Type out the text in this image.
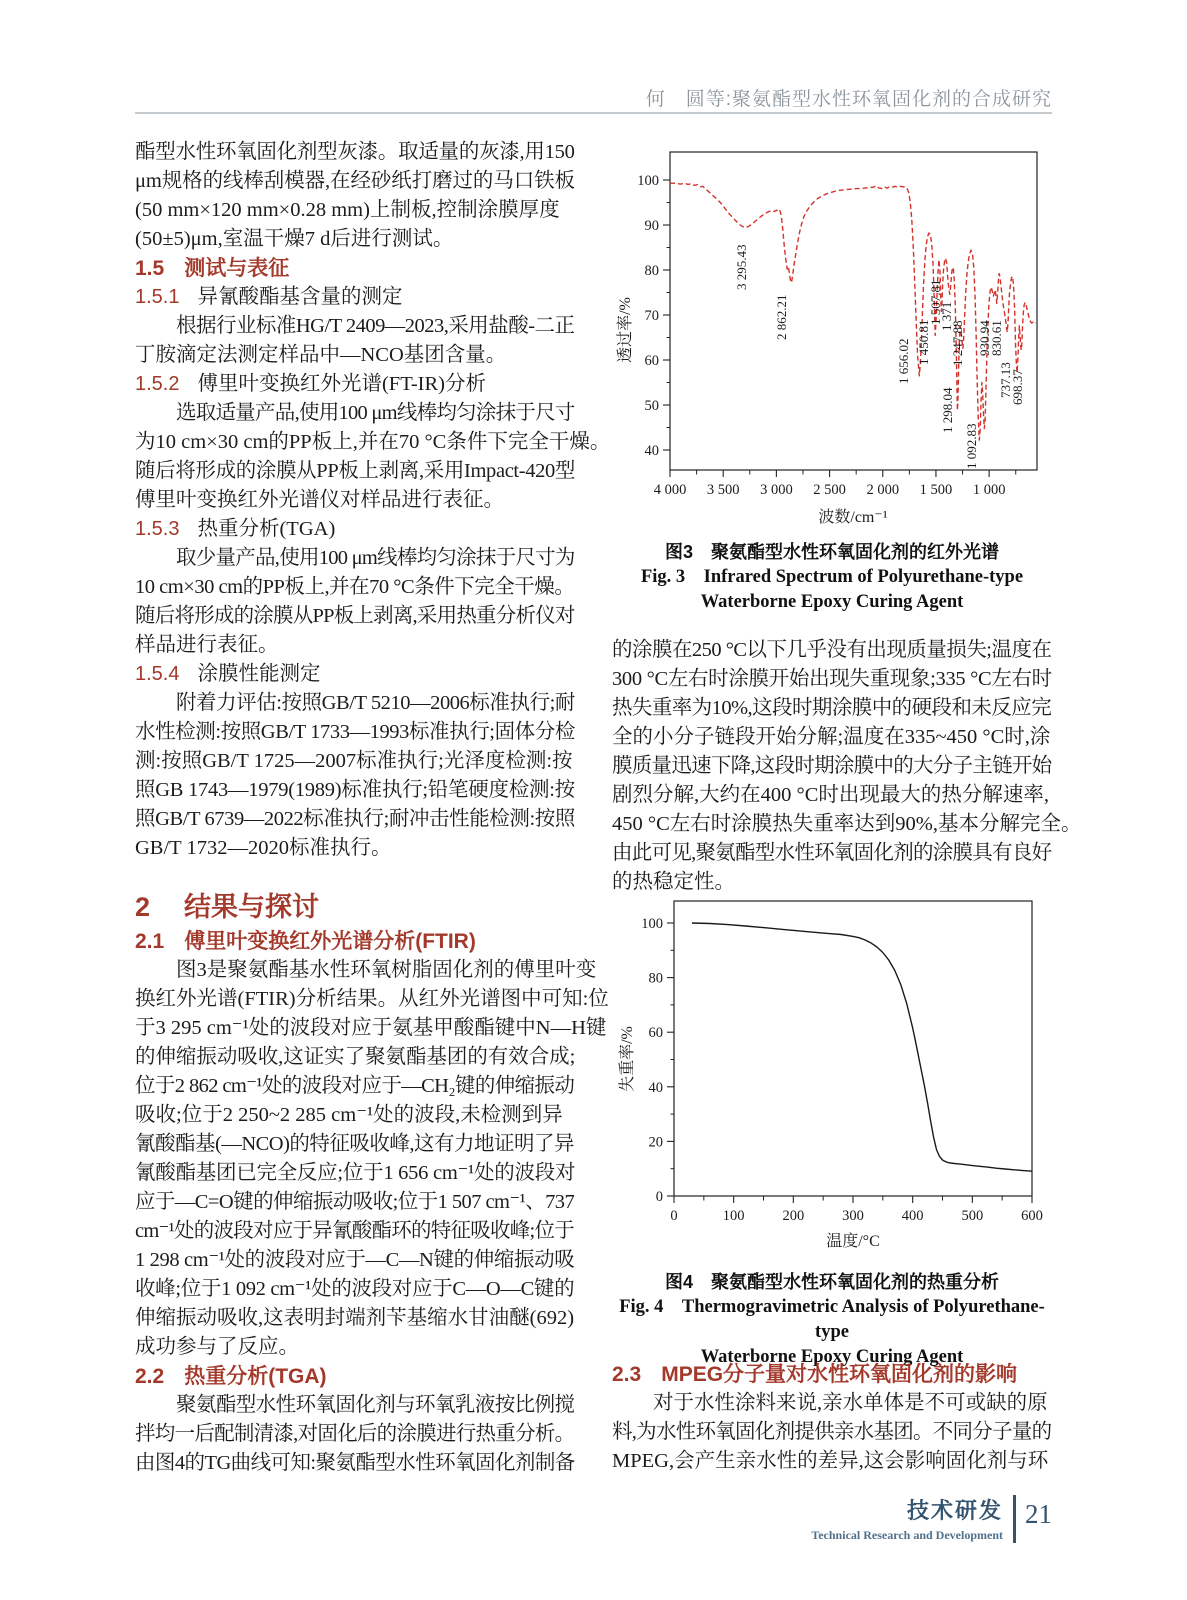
何　圆等:聚氨酯型水性环氧固化剂的合成研究
酯型水性环氧固化剂型灰漆。取适量的灰漆,用150
μm规格的线棒刮模器,在经砂纸打磨过的马口铁板
(50 mm×120 mm×0.28 mm)上制板,控制涂膜厚度
(50±5)μm,室温干燥7 d后进行测试。
1.5 测试与表征
1.5.1 异氰酸酯基含量的测定
根据行业标准HG/T 2409—2023,采用盐酸-二正
丁胺滴定法测定样品中—NCO基团含量。
1.5.2 傅里叶变换红外光谱(FT-IR)分析
选取适量产品,使用100 μm线棒均匀涂抹于尺寸
为10 cm×30 cm的PP板上,并在70 °C条件下完全干燥。
随后将形成的涂膜从PP板上剥离,采用Impact-420型
傅里叶变换红外光谱仪对样品进行表征。
1.5.3 热重分析(TGA)
取少量产品,使用100 μm线棒均匀涂抹于尺寸为
10 cm×30 cm的PP板上,并在70 °C条件下完全干燥。
随后将形成的涂膜从PP板上剥离,采用热重分析仪对
样品进行表征。
1.5.4 涂膜性能测定
附着力评估:按照GB/T 5210—2006标准执行;耐
水性检测:按照GB/T 1733—1993标准执行;固体分检
测:按照GB/T 1725—2007标准执行;光泽度检测:按
照GB 1743—1979(1989)标准执行;铅笔硬度检测:按
照GB/T 6739—2022标准执行;耐冲击性能检测:按照
GB/T 1732—2020标准执行。
2 结果与探讨
2.1 傅里叶变换红外光谱分析(FTIR)
图3是聚氨酯基水性环氧树脂固化剂的傅里叶变
换红外光谱(FTIR)分析结果。从红外光谱图中可知:位
于3 295 cm⁻¹处的波段对应于氨基甲酸酯键中N—H键
的伸缩振动吸收,这证实了聚氨酯基团的有效合成;
位于2 862 cm⁻¹处的波段对应于—CH₂键的伸缩振动
吸收;位于2 250~2 285 cm⁻¹处的波段,未检测到异
氰酸酯基(—NCO)的特征吸收峰,这有力地证明了异
氰酸酯基团已完全反应;位于1 656 cm⁻¹处的波段对
应于—C=O键的伸缩振动吸收;位于1 507 cm⁻¹、737
cm⁻¹处的波段对应于异氰酸酯环的特征吸收峰;位于
1 298 cm⁻¹处的波段对应于—C—N键的伸缩振动吸
收峰;位于1 092 cm⁻¹处的波段对应于C—O—C键的
伸缩振动吸收,这表明封端剂苄基缩水甘油醚(692)
成功参与了反应。
2.2 热重分析(TGA)
聚氨酯型水性环氧固化剂与环氧乳液按比例搅
拌均一后配制清漆,对固化后的涂膜进行热重分析。
由图4的TG曲线可知:聚氨酯型水性环氧固化剂制备
4 000 3 500 3 000 2 500 2 000 1 500 1 000
40
50
60
70
80
90
100
3 295.43
2 862.21
1 656.02 1 450.81
1 507.81
1 371
1 247.88
1 298.04
1 092.83
930.94
830.61
737.13
698.37
透过率/%
波数/cm⁻¹
图3　聚氨酯型水性环氧固化剂的红外光谱
Fig. 3　Infrared Spectrum of Polyurethane-type
Waterborne Epoxy Curing Agent
的涂膜在250 °C以下几乎没有出现质量损失;温度在
300 °C左右时涂膜开始出现失重现象;335 °C左右时
热失重率为10%,这段时期涂膜中的硬段和未反应完
全的小分子链段开始分解;温度在335~450 °C时,涂
膜质量迅速下降,这段时期涂膜中的大分子主链开始
剧烈分解,大约在400 °C时出现最大的热分解速率,
450 °C左右时涂膜热失重率达到90%,基本分解完全。
由此可见,聚氨酯型水性环氧固化剂的涂膜具有良好
的热稳定性。
0	100	200	300	400	500	600
0
20
40
60
80
100
失重率/%
温度/°C
图4　聚氨酯型水性环氧固化剂的热重分析
Fig. 4　Thermogravimetric Analysis of Polyurethane-type
Waterborne Epoxy Curing Agent
2.3 MPEG分子量对水性环氧固化剂的影响
对于水性涂料来说,亲水单体是不可或缺的原
料,为水性环氧固化剂提供亲水基团。不同分子量的
MPEG,会产生亲水性的差异,这会影响固化剂与环
技术研发
Technical Research and Development
21
